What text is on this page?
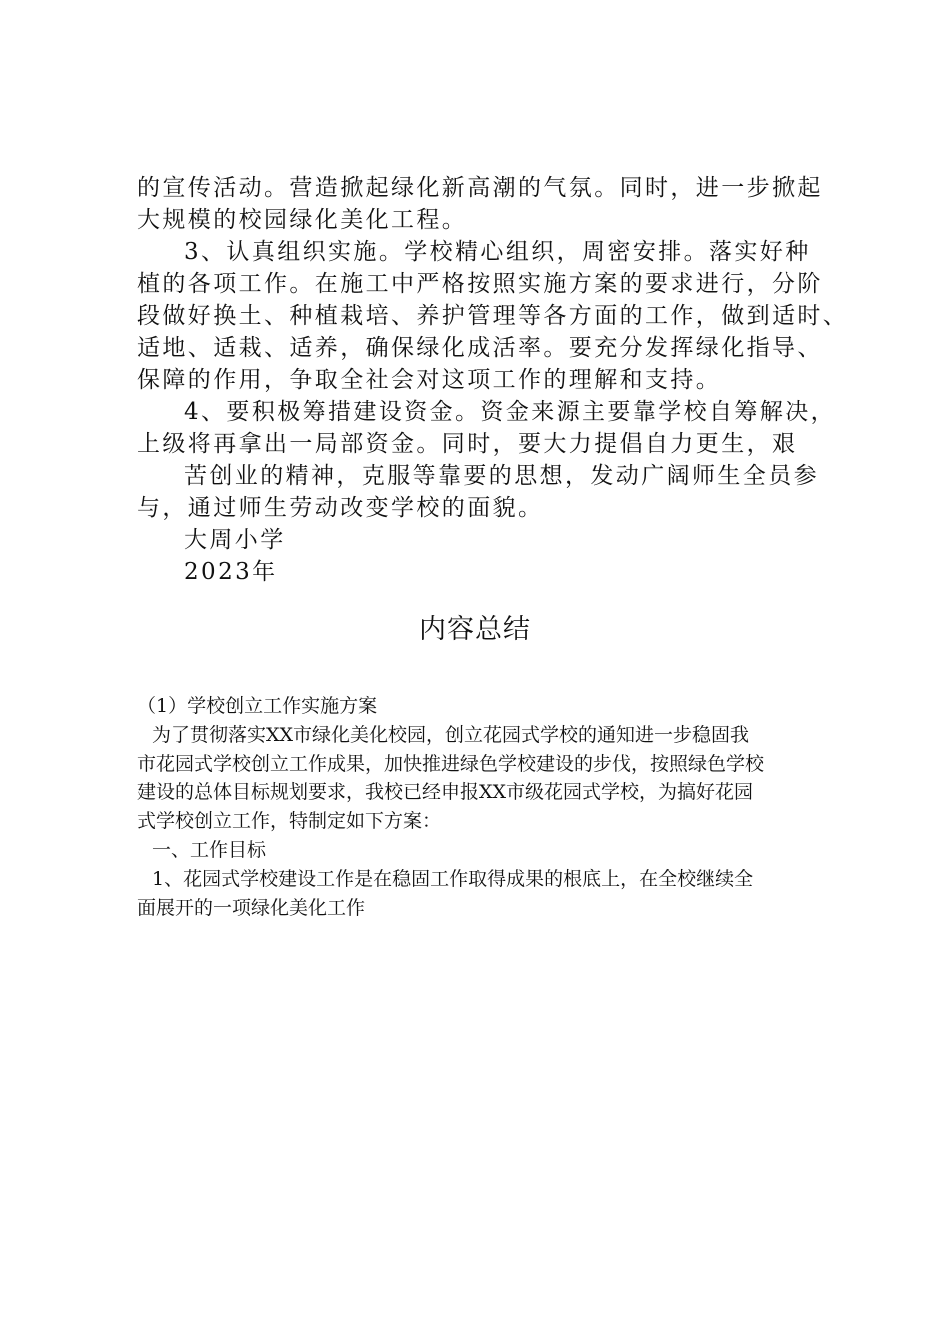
的宣传活动。营造掀起绿化新高潮的气氛。同时，进一步掀起
大规模的校园绿化美化工程。
3、认真组织实施。学校精心组织，周密安排。落实好种
植的各项工作。在施工中严格按照实施方案的要求进行，分阶
段做好换土、种植栽培、养护管理等各方面的工作，做到适时、
适地、适栽、适养，确保绿化成活率。要充分发挥绿化指导、
保障的作用，争取全社会对这项工作的理解和支持。
4、要积极筹措建设资金。资金来源主要靠学校自筹解决，
上级将再拿出一局部资金。同时，要大力提倡自力更生，艰
苦创业的精神，克服等靠要的思想，发动广阔师生全员参
与，通过师生劳动改变学校的面貌。
大周小学
2023年
内容总结
（1）学校创立工作实施方案
为了贯彻落实XX市绿化美化校园，创立花园式学校的通知进一步稳固我
市花园式学校创立工作成果，加快推进绿色学校建设的步伐，按照绿色学校
建设的总体目标规划要求，我校已经申报XX市级花园式学校，为搞好花园
式学校创立工作，特制定如下方案：
一、工作目标
1、花园式学校建设工作是在稳固工作取得成果的根底上，在全校继续全
面展开的一项绿化美化工作
